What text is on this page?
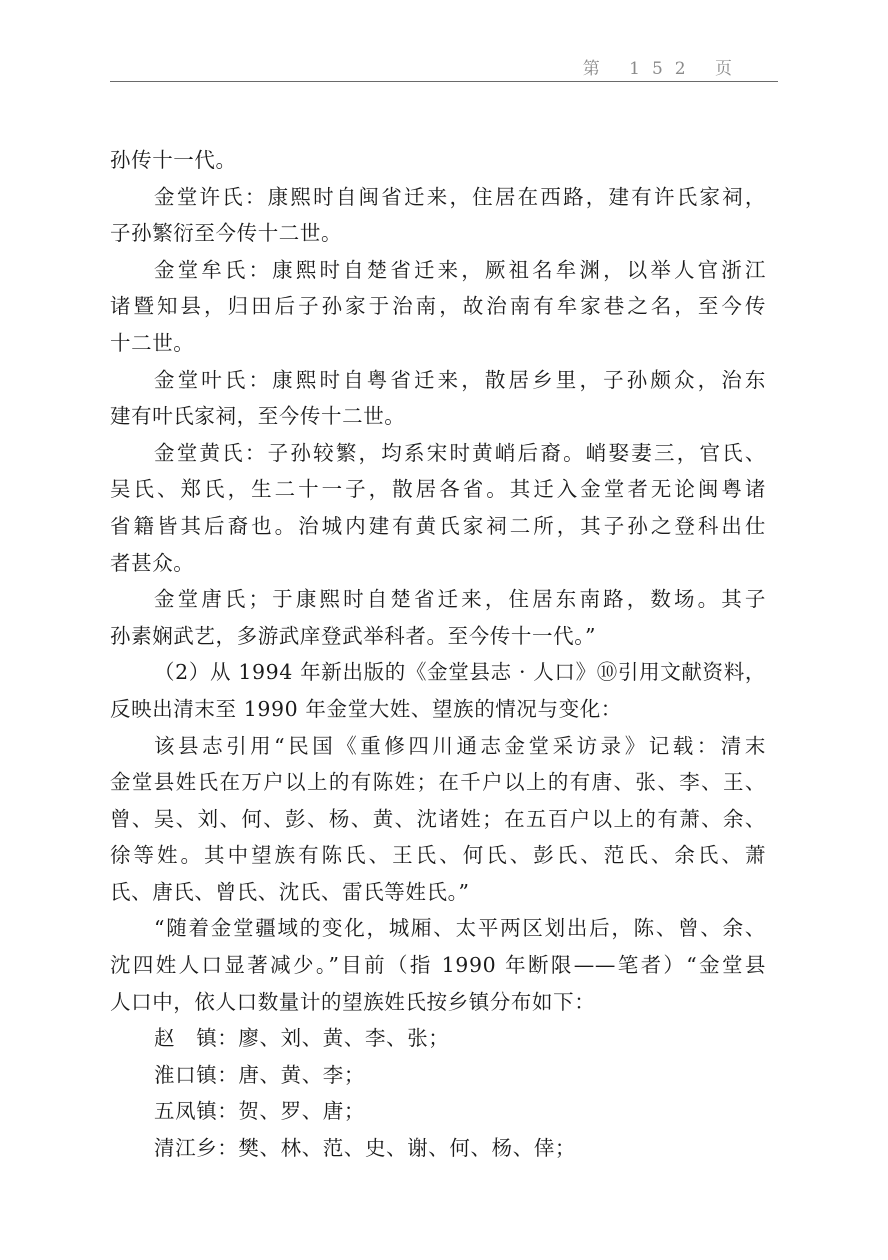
第 152 页
孙传十一代。
金堂许氏：康熙时自闽省迁来，住居在西路，建有许氏家祠，
子孙繁衍至今传十二世。
金堂牟氏：康熙时自楚省迁来，厥祖名牟渊，以举人官浙江
诸暨知县，归田后子孙家于治南，故治南有牟家巷之名，至今传
十二世。
金堂叶氏：康熙时自粤省迁来，散居乡里，子孙颇众，治东
建有叶氏家祠，至今传十二世。
金堂黄氏：子孙较繁，均系宋时黄峭后裔。峭娶妻三，官氏、
吴氏、郑氏，生二十一子，散居各省。其迁入金堂者无论闽粤诸
省籍皆其后裔也。治城内建有黄氏家祠二所，其子孙之登科出仕
者甚众。
金堂唐氏；于康熙时自楚省迁来，住居东南路，数场。其子
孙素娴武艺，多游武庠登武举科者。至今传十一代。”
（2）从 1994 年新出版的《金堂县志 · 人口》⑩引用文献资料，
反映出清末至 1990 年金堂大姓、望族的情况与变化：
该县志引用“民国《重修四川通志金堂采访录》记载：清末
金堂县姓氏在万户以上的有陈姓；在千户以上的有唐、张、李、王、
曾、吴、刘、何、彭、杨、黄、沈诸姓；在五百户以上的有萧、余、
徐等姓。其中望族有陈氏、王氏、何氏、彭氏、范氏、余氏、萧
氏、唐氏、曾氏、沈氏、雷氏等姓氏。”
“随着金堂疆域的变化，城厢、太平两区划出后，陈、曾、余、
沈四姓人口显著减少。”目前（指 1990 年断限——笔者）“金堂县
人口中，依人口数量计的望族姓氏按乡镇分布如下：
赵　镇：廖、刘、黄、李、张；
淮口镇：唐、黄、李；
五凤镇：贺、罗、唐；
清江乡：樊、林、范、史、谢、何、杨、倖；
